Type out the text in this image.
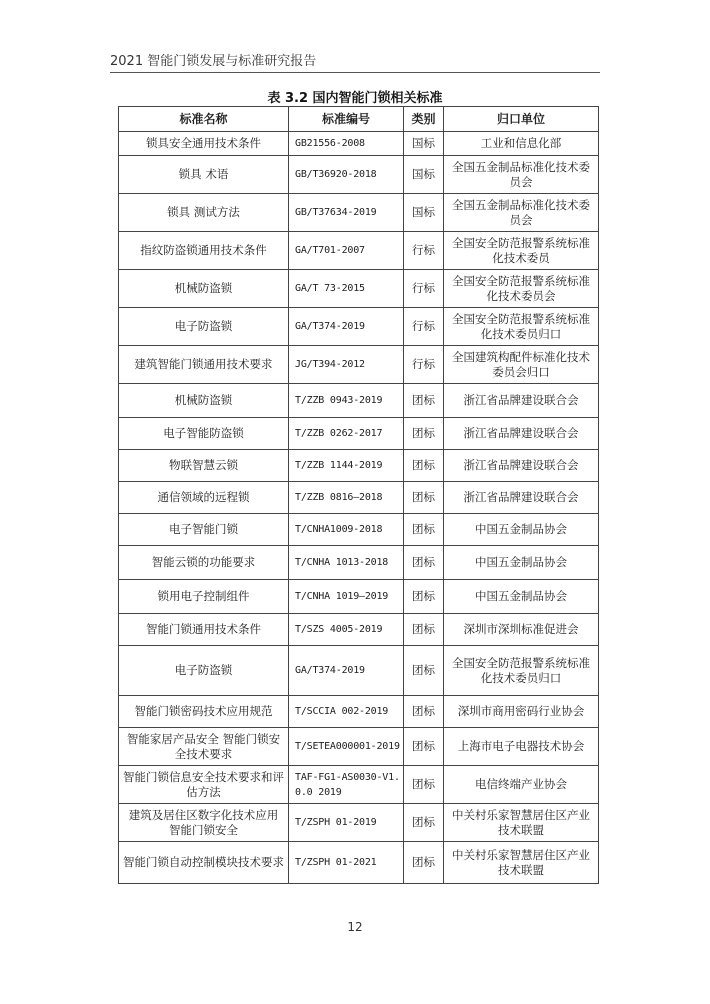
2021 智能门锁发展与标准研究报告
表 3.2 国内智能门锁相关标准
标准名称	标准编号	类别	归口单位
锁具安全通用技术条件	GB21556-2008	国标	工业和信息化部
锁具 术语	GB/T36920-2018	国标	全国五金制品标准化技术委员会
锁具 测试方法	GB/T37634-2019	国标	全国五金制品标准化技术委员会
指纹防盗锁通用技术条件	GA/T701-2007	行标	全国安全防范报警系统标准化技术委员
机械防盗锁	GA/T 73-2015	行标	全国安全防范报警系统标准化技术委员会
电子防盗锁	GA/T374-2019	行标	全国安全防范报警系统标准化技术委员归口
建筑智能门锁通用技术要求	JG/T394-2012	行标	全国建筑构配件标准化技术委员会归口
机械防盗锁	T/ZZB 0943-2019	团标	浙江省品牌建设联合会
电子智能防盗锁	T/ZZB 0262-2017	团标	浙江省品牌建设联合会
物联智慧云锁	T/ZZB 1144-2019	团标	浙江省品牌建设联合会
通信领域的远程锁	T/ZZB 0816—2018	团标	浙江省品牌建设联合会
电子智能门锁	T/CNHA1009-2018	团标	中国五金制品协会
智能云锁的功能要求	T/CNHA 1013-2018	团标	中国五金制品协会
锁用电子控制组件	T/CNHA 1019—2019	团标	中国五金制品协会
智能门锁通用技术条件	T/SZS 4005-2019	团标	深圳市深圳标准促进会
电子防盗锁	GA/T374-2019	团标	全国安全防范报警系统标准化技术委员归口
智能门锁密码技术应用规范	T/SCCIA 002-2019	团标	深圳市商用密码行业协会
智能家居产品安全 智能门锁安全技术要求	T/SETEA000001-2019	团标	上海市电子电器技术协会
智能门锁信息安全技术要求和评估方法	TAF-FG1-AS0030-V1.0.0 2019	团标	电信终端产业协会
建筑及居住区数字化技术应用 智能门锁安全	T/ZSPH 01-2019	团标	中关村乐家智慧居住区产业技术联盟
智能门锁自动控制模块技术要求	T/ZSPH 01-2021	团标	中关村乐家智慧居住区产业技术联盟
12
